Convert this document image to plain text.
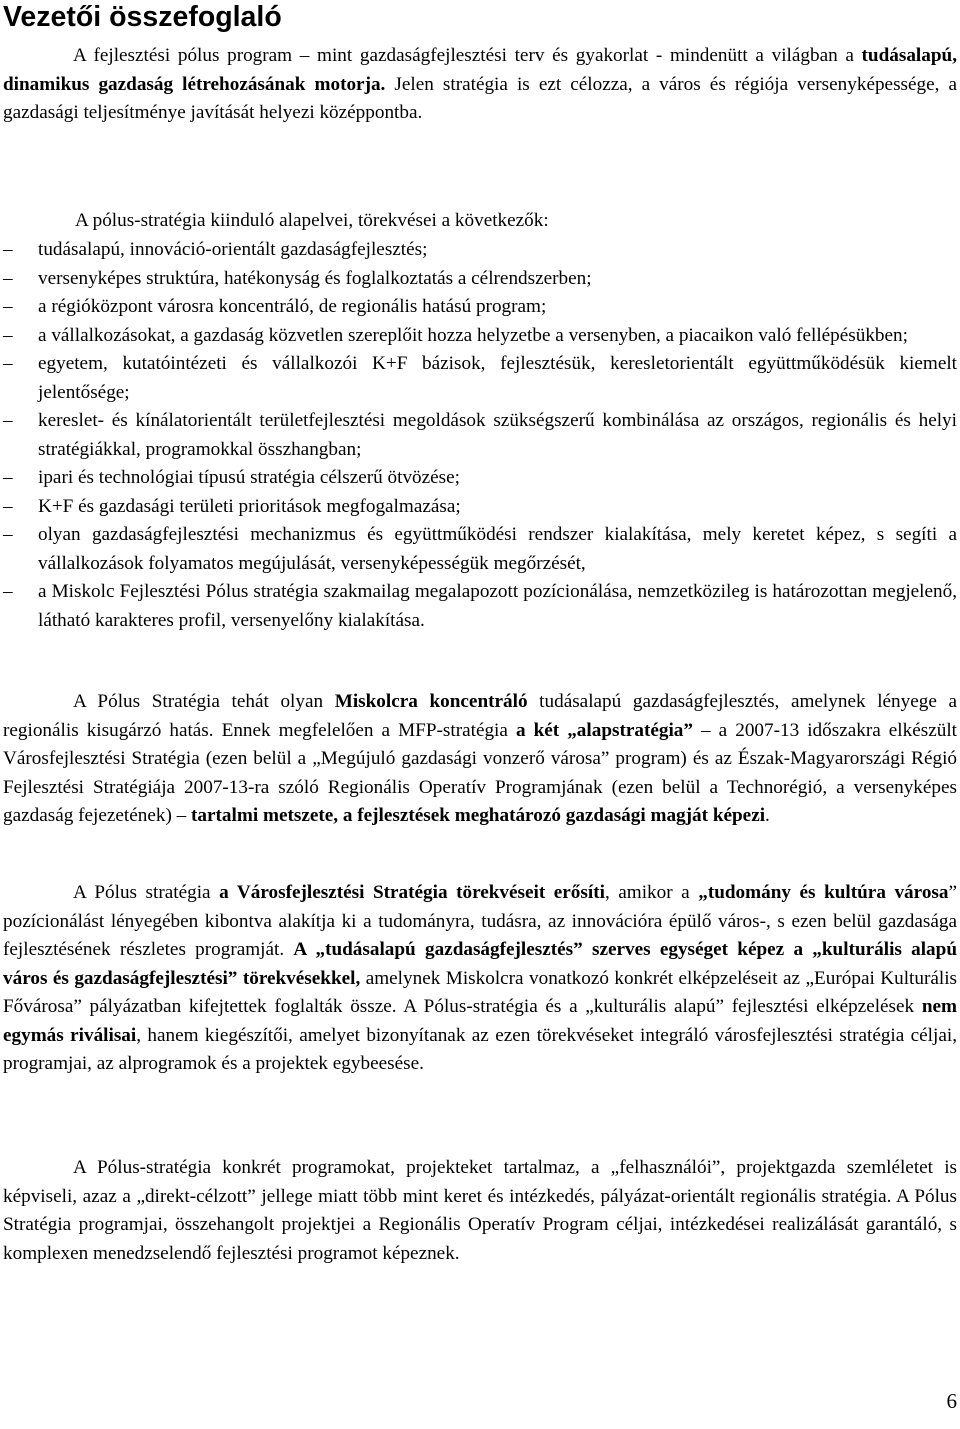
Vezetői összefoglaló
A fejlesztési pólus program – mint gazdaságfejlesztési terv és gyakorlat - mindenütt a világban a tudásalapú, dinamikus gazdaság létrehozásának motorja. Jelen stratégia is ezt célozza, a város és régiója versenyképessége, a gazdasági teljesítménye javítását helyezi középpontba.
A pólus-stratégia kiinduló alapelvei, törekvései a következők:
– tudásalapú, innováció-orientált gazdaságfejlesztés;
– versenyképes struktúra, hatékonyság és foglalkoztatás a célrendszerben;
– a régióközpont városra koncentráló, de regionális hatású program;
– a vállalkozásokat, a gazdaság közvetlen szereplőit hozza helyzetbe a versenyben, a piacaikon való fellépésükben;
– egyetem, kutatóintézeti és vállalkozói K+F bázisok, fejlesztésük, keresletorientált együttműködésük kiemelt jelentősége;
– kereslet- és kínálatorientált területfejlesztési megoldások szükségszerű kombinálása az országos, regionális és helyi stratégiákkal, programokkal összhangban;
– ipari és technológiai típusú stratégia célszerű ötvözése;
– K+F és gazdasági területi prioritások megfogalmazása;
– olyan gazdaságfejlesztési mechanizmus és együttműködési rendszer kialakítása, mely keretet képez, s segíti a vállalkozások folyamatos megújulását, versenyképességük megőrzését,
– a Miskolc Fejlesztési Pólus stratégia szakmailag megalapozott pozícionálása, nemzetközileg is határozottan megjelenő, látható karakteres profil, versenyelőny kialakítása.
A Pólus Stratégia tehát olyan Miskolcra koncentráló tudásalapú gazdaságfejlesztés, amelynek lényege a regionális kisugárzó hatás. Ennek megfelelően a MFP-stratégia a két „alapstratégia” – a 2007-13 időszakra elkészült Városfejlesztési Stratégia (ezen belül a „Megújuló gazdasági vonzerő városa” program) és az Észak-Magyarországi Régió Fejlesztési Stratégiája 2007-13-ra szóló Regionális Operatív Programjának (ezen belül a Technorégió, a versenyképes gazdaság fejezetének) – tartalmi metszete, a fejlesztések meghatározó gazdasági magját képezi.
A Pólus stratégia a Városfejlesztési Stratégia törekvéseit erősíti, amikor a „tudomány és kultúra városa” pozícionálást lényegében kibontva alakítja ki a tudományra, tudásra, az innovációra épülő város-, s ezen belül gazdasága fejlesztésének részletes programját. A „tudásalapú gazdaságfejlesztés” szerves egységet képez a „kulturális alapú város és gazdaságfejlesztési” törekvésekkel, amelynek Miskolcra vonatkozó konkrét elképzeléseit az „Európai Kulturális Fővárosa” pályázatban kifejtettek foglalták össze. A Pólus-stratégia és a „kulturális alapú” fejlesztési elképzelések nem egymás riválisai, hanem kiegészítői, amelyet bizonyítanak az ezen törekvéseket integráló városfejlesztési stratégia céljai, programjai, az alprogramok és a projektek egybeesése.
A Pólus-stratégia konkrét programokat, projekteket tartalmaz, a „felhasználói”, projektgazda szemléletet is képviseli, azaz a „direkt-célzott” jellege miatt több mint keret és intézkedés, pályázat-orientált regionális stratégia. A Pólus Stratégia programjai, összehangolt projektjei a Regionális Operatív Program céljai, intézkedései realizálását garantáló, s komplexen menedzselendő fejlesztési programot képeznek.
6
